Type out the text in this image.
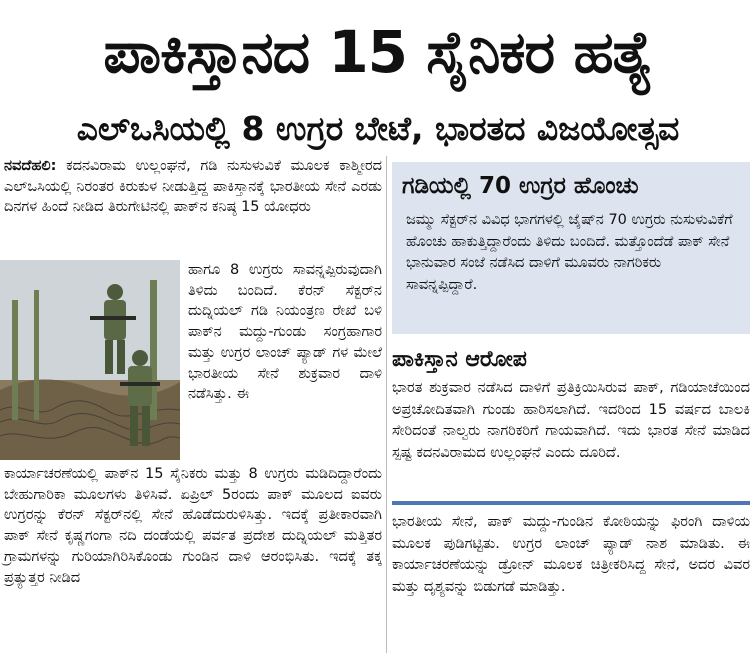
ಪಾಕಿಸ್ತಾನದ 15 ಸೈನಿಕರ ಹತ್ಯೆ
ಎಲ್‌ಒಸಿಯಲ್ಲಿ 8 ಉಗ್ರರ ಬೇಟೆ, ಭಾರತದ ವಿಜಯೋತ್ಸವ
ನವದೆಹಲಿ: ಕದನವಿರಾಮ ಉಲ್ಲಂಘನೆ, ಗಡಿ ನುಸುಳುವಿಕೆ ಮೂಲಕ ಕಾಶ್ಮೀರದ ಎಲ್‌ಒಸಿಯಲ್ಲಿ ನಿರಂತರ ಕಿರುಕುಳ ನೀಡುತ್ತಿದ್ದ ಪಾಕಿಸ್ತಾನಕ್ಕೆ ಭಾರತೀಯ ಸೇನೆ ಎರಡು ದಿನಗಳ ಹಿಂದೆ ನೀಡಿದ ತಿರುಗೇಟಿನಲ್ಲಿ ಪಾಕ್‌ನ ಕನಿಷ್ಠ 15 ಯೋಧರು
ಹಾಗೂ 8 ಉಗ್ರರು ಸಾವನ್ನಪ್ಪಿರುವುದಾಗಿ ತಿಳಿದು ಬಂದಿದೆ. ಕೆರನ್ ಸೆಕ್ಟರ್‌ನ ದುದ್ನಿಯಲ್ ಗಡಿ ನಿಯಂತ್ರಣ ರೇಖೆ ಬಳಿ ಪಾಕ್‌ನ ಮದ್ದು-ಗುಂಡು ಸಂಗ್ರಹಾಗಾರ ಮತ್ತು ಉಗ್ರರ ಲಾಂಚ್ ಪ್ಯಾಡ್ ಗಳ ಮೇಲೆ ಭಾರತೀಯ ಸೇನೆ ಶುಕ್ರವಾರ ದಾಳಿ ನಡೆಸಿತ್ತು. ಈ
ಕಾರ್ಯಾಚರಣೆಯಲ್ಲಿ ಪಾಕ್‌ನ 15 ಸೈನಿಕರು ಮತ್ತು 8 ಉಗ್ರರು ಮಡಿದಿದ್ದಾರೆಂದು ಬೇಹುಗಾರಿಕಾ ಮೂಲಗಳು ತಿಳಿಸಿವೆ. ಏಪ್ರಿಲ್ 5ರಂದು ಪಾಕ್ ಮೂಲದ ಐವರು ಉಗ್ರರನ್ನು ಕೆರನ್ ಸೆಕ್ಟರ್‌ನಲ್ಲಿ ಸೇನೆ ಹೊಡೆದುರುಳಿಸಿತ್ತು. ಇದಕ್ಕೆ ಪ್ರತೀಕಾರವಾಗಿ ಪಾಕ್ ಸೇನೆ ಕೃಷ್ಣಗಂಗಾ ನದಿ ದಂಡೆಯಲ್ಲಿ ಪರ್ವತ ಪ್ರದೇಶ ದುದ್ನಿಯಲ್ ಮತ್ತಿತರ ಗ್ರಾಮಗಳನ್ನು ಗುರಿಯಾಗಿರಿಸಿಕೊಂಡು ಗುಂಡಿನ ದಾಳಿ ಆರಂಭಿಸಿತು. ಇದಕ್ಕೆ ತಕ್ಕ ಪ್ರತ್ಯುತ್ತರ ನೀಡಿದ
ಗಡಿಯಲ್ಲಿ 70 ಉಗ್ರರ ಹೊಂಚು
ಜಮ್ಮು ಸೆಕ್ಟರ್‌ನ ವಿವಿಧ ಭಾಗಗಳಲ್ಲಿ ಜೈಷ್‌ನ 70 ಉಗ್ರರು ನುಸುಳುವಿಕೆಗೆ ಹೊಂಚು ಹಾಕುತ್ತಿದ್ದಾರೆಂದು ತಿಳಿದು ಬಂದಿದೆ. ಮತ್ತೊಂದೆಡೆ ಪಾಕ್ ಸೇನೆ ಭಾನುವಾರ ಸಂಜೆ ನಡೆಸಿದ ದಾಳಿಗೆ ಮೂವರು ನಾಗರಿಕರು ಸಾವನ್ನಪ್ಪಿದ್ದಾರೆ.
ಪಾಕಿಸ್ತಾನ ಆರೋಪ
ಭಾರತ ಶುಕ್ರವಾರ ನಡೆಸಿದ ದಾಳಿಗೆ ಪ್ರತಿಕ್ರಿಯಿಸಿರುವ ಪಾಕ್, ಗಡಿಯಾಚೆಯಿಂದ ಅಪ್ರಚೋದಿತವಾಗಿ ಗುಂಡು ಹಾರಿಸಲಾಗಿದೆ. ಇದರಿಂದ 15 ವರ್ಷದ ಬಾಲಕಿ ಸೇರಿದಂತೆ ನಾಲ್ವರು ನಾಗರಿಕರಿಗೆ ಗಾಯವಾಗಿದೆ. ಇದು ಭಾರತ ಸೇನೆ ಮಾಡಿದ ಸ್ಪಷ್ಟ ಕದನವಿರಾಮದ ಉಲ್ಲಂಘನೆ ಎಂದು ದೂರಿದೆ.
ಭಾರತೀಯ ಸೇನೆ, ಪಾಕ್ ಮದ್ದು-ಗುಂಡಿನ ಕೋಠಿಯನ್ನು ಫಿರಂಗಿ ದಾಳಿಯ ಮೂಲಕ ಪುಡಿಗಟ್ಟಿತು. ಉಗ್ರರ ಲಾಂಚ್ ಪ್ಯಾಡ್ ನಾಶ ಮಾಡಿತು. ಈ ಕಾರ್ಯಾಚರಣೆಯನ್ನು ಡ್ರೋನ್ ಮೂಲಕ ಚಿತ್ರೀಕರಿಸಿದ್ದ ಸೇನೆ, ಅದರ ವಿವರ ಮತ್ತು ದೃಶ್ಯವನ್ನು ಬಿಡುಗಡೆ ಮಾಡಿತ್ತು.
